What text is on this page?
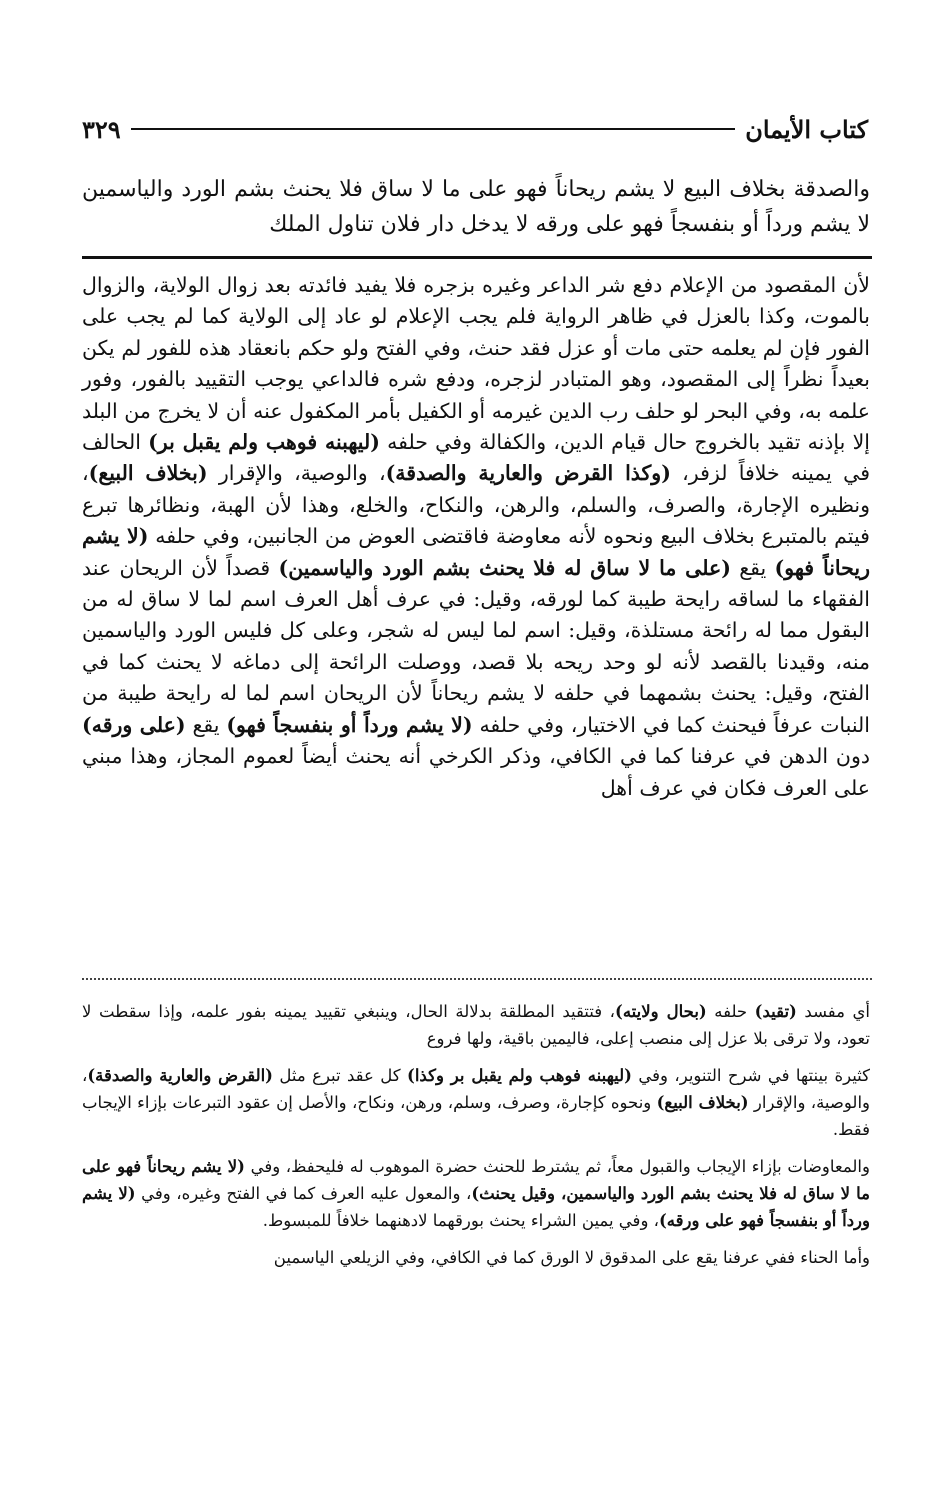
كتاب الأيمان
٣٢٩
والصدقة بخلاف البيع لا يشم ريحاناً فهو على ما لا ساق فلا يحنث بشم الورد والياسمين لا يشم ورداً أو بنفسجاً فهو على ورقه لا يدخل دار فلان تناول الملك
لأن المقصود من الإعلام دفع شر الداعر وغيره بزجره فلا يفيد فائدته بعد زوال الولاية، والزوال بالموت، وكذا بالعزل في ظاهر الرواية فلم يجب الإعلام لو عاد إلى الولاية كما لم يجب على الفور فإن لم يعلمه حتى مات أو عزل فقد حنث، وفي الفتح ولو حكم بانعقاد هذه للفور لم يكن بعيداً نظراً إلى المقصود، وهو المتبادر لزجره، ودفع شره فالداعي يوجب التقييد بالفور، وفور علمه به، وفي البحر لو حلف رب الدين غيرمه أو الكفيل بأمر المكفول عنه أن لا يخرج من البلد إلا بإذنه تقيد بالخروج حال قيام الدين، والكفالة وفي حلفه (ليهبنه فوهب ولم يقبل بر) الحالف في يمينه خلافاً لزفر، (وكذا القرض والعارية والصدقة)، والوصية، والإقرار (بخلاف البيع)، ونظيره الإجارة، والصرف، والسلم، والرهن، والنكاح، والخلع، وهذا لأن الهبة، ونظائرها تبرع فيتم بالمتبرع بخلاف البيع ونحوه لأنه معاوضة فاقتضى العوض من الجانبين، وفي حلفه (لا يشم ريحاناً فهو) يقع (على ما لا ساق له فلا يحنث بشم الورد والياسمين) قصداً لأن الريحان عند الفقهاء ما لساقه رايحة طيبة كما لورقه، وقيل: في عرف أهل العرف اسم لما لا ساق له من البقول مما له رائحة مستلذة، وقيل: اسم لما ليس له شجر، وعلى كل فليس الورد والياسمين منه، وقيدنا بالقصد لأنه لو وحد ريحه بلا قصد، ووصلت الرائحة إلى دماغه لا يحنث كما في الفتح، وقيل: يحنث بشمهما في حلفه لا يشم ريحاناً لأن الريحان اسم لما له رايحة طيبة من النبات عرفاً فيحنث كما في الاختيار، وفي حلفه (لا يشم ورداً أو بنفسجاً فهو) يقع (على ورقه) دون الدهن في عرفنا كما في الكافي، وذكر الكرخي أنه يحنث أيضاً لعموم المجاز، وهذا مبني على العرف فكان في عرف أهل

أي مفسد (تقيد) حلفه (بحال ولايته)، فتتقيد المطلقة بدلالة الحال، وينبغي تقييد يمينه بفور علمه، وإذا سقطت لا تعود، ولا ترقى بلا عزل إلى منصب إعلى، فاليمين باقية، ولها فروع

كثيرة بينتها في شرح التنوير، وفي (ليهبنه فوهب ولم يقبل بر وكذا) كل عقد تبرع مثل (القرض والعارية والصدقة)، والوصية، والإقرار (بخلاف البيع) ونحوه كإجارة، وصرف، وسلم، ورهن، ونكاح، والأصل إن عقود التبرعات بإزاء الإيجاب فقط.

والمعاوضات بإزاء الإيجاب والقبول معاً، ثم يشترط للحنث حضرة الموهوب له فليحفظ، وفي (لا يشم ريحاناً فهو على ما لا ساق له فلا يحنث بشم الورد والياسمين، وقيل يحنث)، والمعول عليه العرف كما في الفتح وغيره، وفي (لا يشم ورداً أو بنفسجاً فهو على ورقه)، وفي يمين الشراء يحنث بورقهما لادهنهما خلافاً للمبسوط.

وأما الحناء ففي عرفنا يقع على المدقوق لا الورق كما في الكافي، وفي الزيلعي الياسمين
